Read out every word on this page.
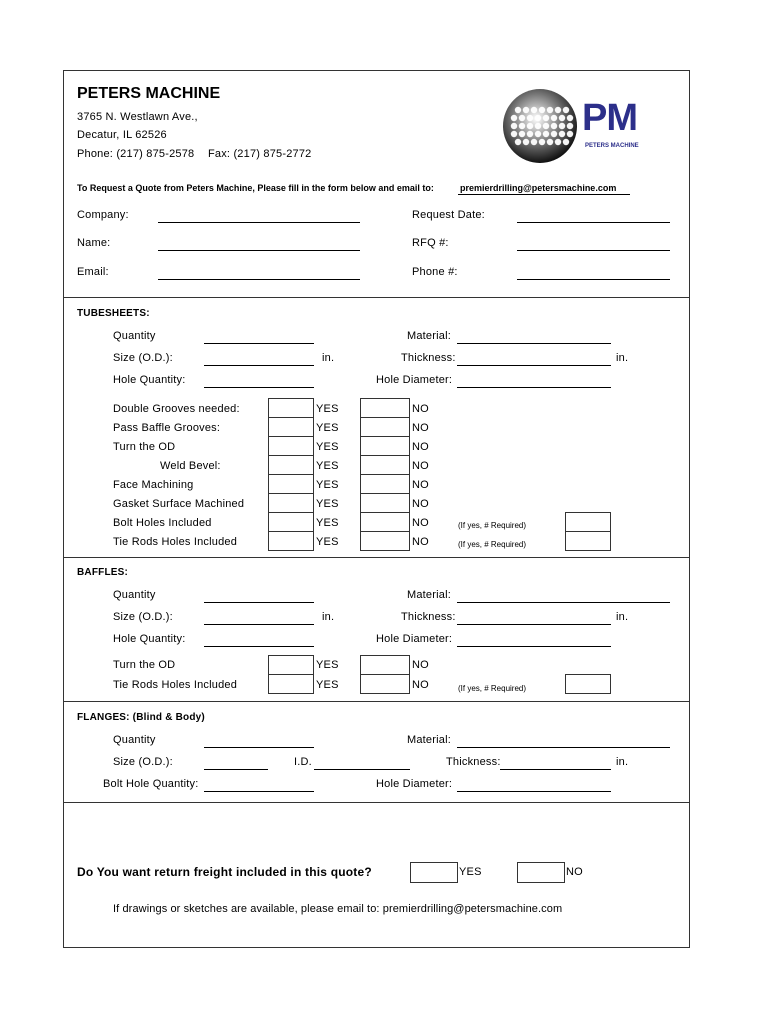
PETERS MACHINE
3765 N. Westlawn Ave.,
Decatur, IL 62526
Phone: (217) 875-2578 Fax: (217) 875-2772
PM
PETERS MACHINE
To Request a Quote from Peters Machine, Please fill in the form below and email to:	premierdrilling@petersmachine.com
Company:	Request Date:
Name:	RFQ #:
Email:	Phone #:
TUBESHEETS:
Quantity	Material:
Size (O.D.):	in.	Thickness:	in.
Hole Quantity:	Hole Diameter:
Double Grooves needed:	YES	NO
Pass Baffle Grooves:	YES	NO
Turn the OD	YES	NO
Weld Bevel:	YES	NO
Face Machining	YES	NO
Gasket Surface Machined	YES	NO
Bolt Holes Included	YES	NO	(If yes, # Required)
Tie Rods Holes Included	YES	NO	(If yes, # Required)
BAFFLES:
Quantity	Material:
Size (O.D.):	in.	Thickness:	in.
Hole Quantity:	Hole Diameter:
Turn the OD	YES	NO
Tie Rods Holes Included	YES	NO	(If yes, # Required)
FLANGES: (Blind & Body)
Quantity	Material:
Size (O.D.):	I.D.	Thickness:	in.
Bolt Hole Quantity:	Hole Diameter:
Do You want return freight included in this quote?	YES	NO
If drawings or sketches are available, please email to: premierdrilling@petersmachine.com
